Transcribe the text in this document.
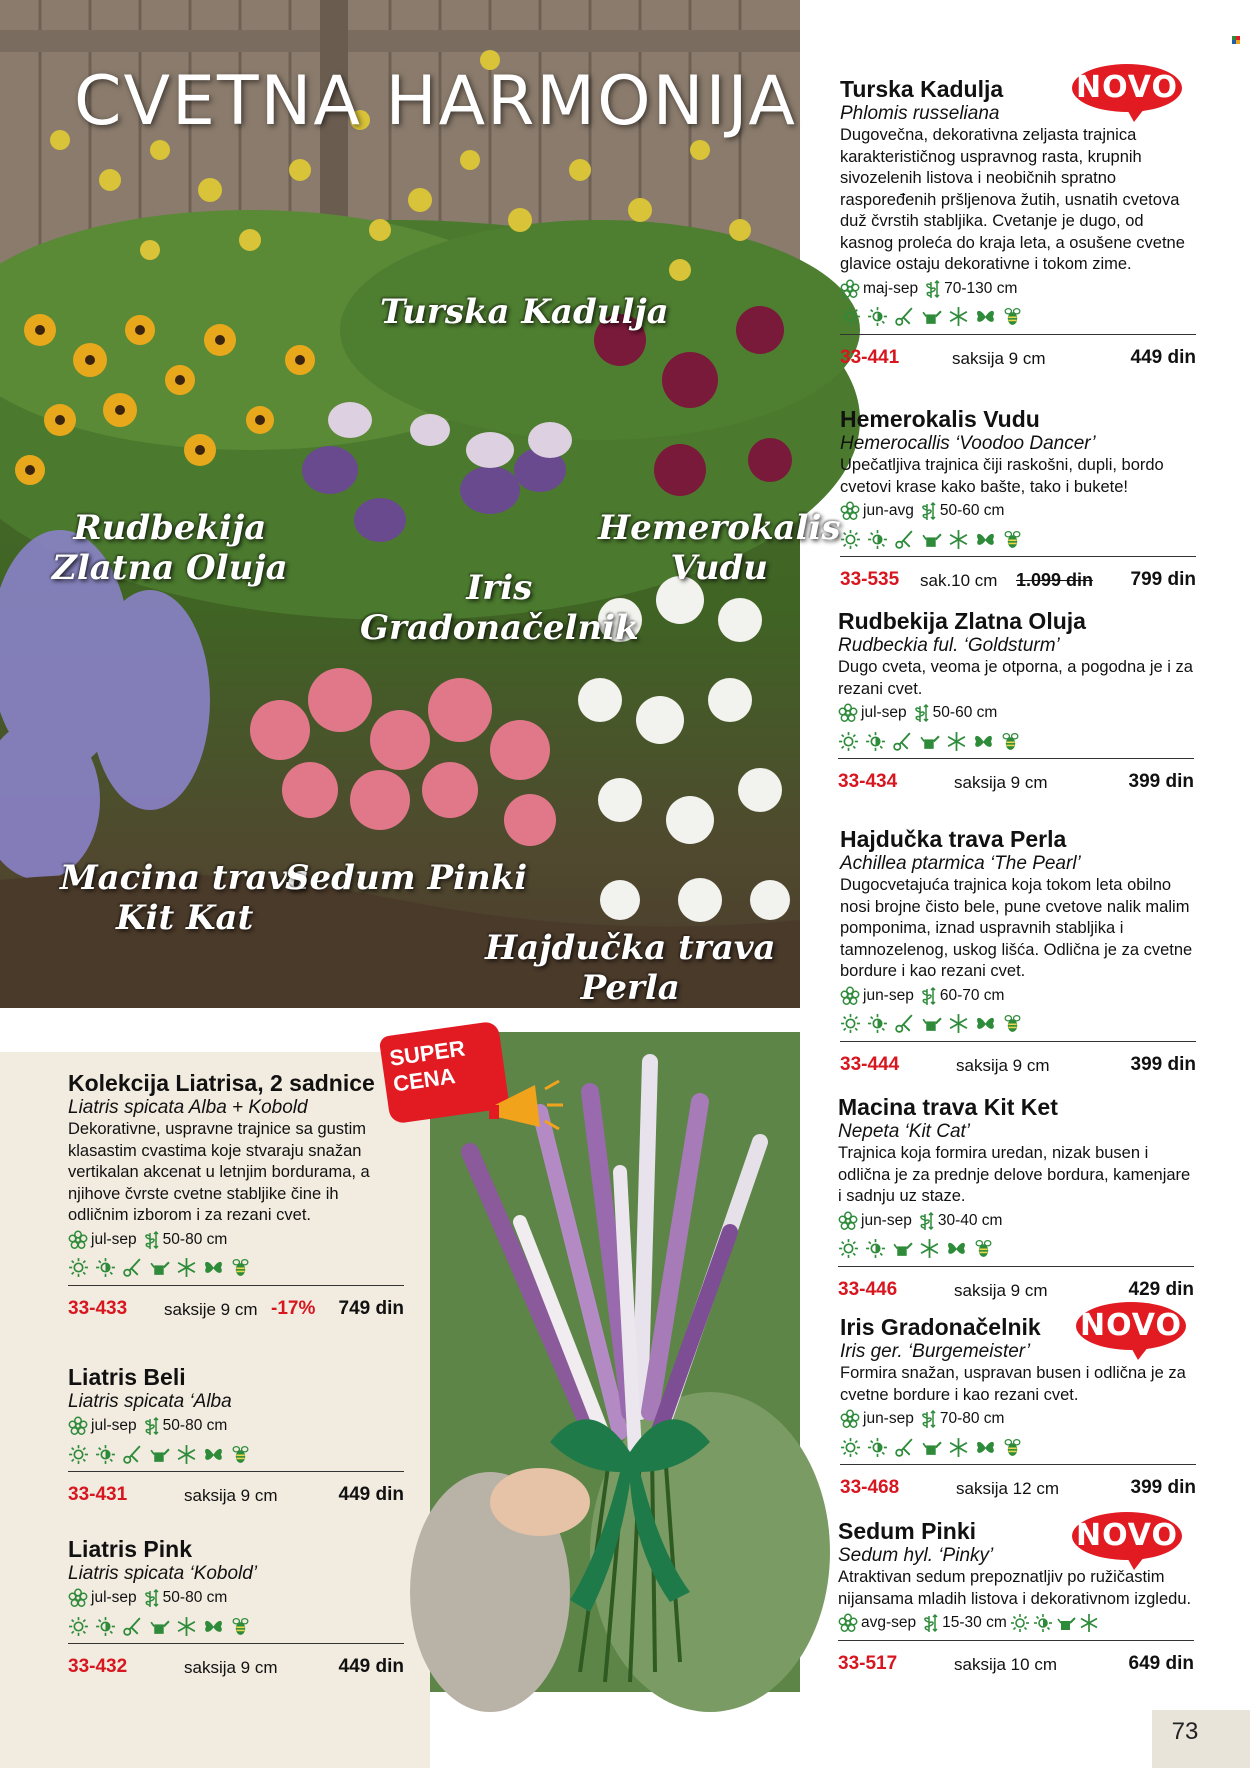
CVETNA HARMONIJA
Turska Kadulja
Rudbekija
Zlatna Oluja
Hemerokalis
Vudu
Iris
Gradonačelnik
Macina trava
Kit Kat
Sedum Pinki
Hajdučka trava
Perla
SUPER
CENA
Turska Kadulja
Phlomis russeliana
Dugovečna, dekorativna zeljasta trajnica karakterističnog uspravnog rasta, krupnih sivozelenih listova i neobičnih spratno raspoređenih pršljenova žutih, usnatih cvetova duž čvrstih stabljika. Cvetanje je dugo, od kasnog proleća do kraja leta, a osušene cvetne glavice ostaju dekorativne i tokom zime.
maj-sep 70-130 cm
33-441	saksija 9 cm	449 din
NOVO
Hemerokalis Vudu
Hemerocallis ‘Voodoo Dancer’
Upečatljiva trajnica čiji raskošni, dupli, bordo cvetovi krase kako bašte, tako i bukete!
jun-avg 50-60 cm
33-535 sak.10 cm 1.099 din 799 din
Rudbekija Zlatna Oluja
Rudbeckia ful. ‘Goldsturm’
Dugo cveta, veoma je otporna, a pogodna je i za rezani cvet.
jul-sep 50-60 cm
33-434	saksija 9 cm	399 din
Hajdučka trava Perla
Achillea ptarmica ‘The Pearl’
Dugocvetajuća trajnica koja tokom leta obilno nosi brojne čisto bele, pune cvetove nalik malim pomponima, iznad uspravnih stabljika i tamnozelenog, uskog lišća. Odlična je za cvetne bordure i kao rezani cvet.
jun-sep 60-70 cm
33-444	saksija 9 cm	399 din
Macina trava Kit Ket
Nepeta ‘Kit Cat’
Trajnica koja formira uredan, nizak busen i odlična je za prednje delove bordura, kamenjare i sadnju uz staze.
jun-sep 30-40 cm
33-446	saksija 9 cm	429 din
Iris Gradonačelnik
Iris ger. ‘Burgemeister’
Formira snažan, uspravan busen i odlična je za cvetne bordure i kao rezani cvet.
jun-sep 70-80 cm
33-468	saksija 12 cm	399 din
NOVO
Sedum Pinki
Sedum hyl. ‘Pinky’
Atraktivan sedum prepoznatljiv po ružičastim nijansama mladih listova i dekorativnom izgledu.
avg-sep 15-30 cm
33-517	saksija 10 cm	649 din
NOVO
Kolekcija Liatrisa, 2 sadnice
Liatris spicata Alba + Kobold
Dekorativne, uspravne trajnice sa gustim klasastim cvastima koje stvaraju snažan vertikalan akcenat u letnjim bordurama, a njihove čvrste cvetne stabljike čine ih odličnim izborom i za rezani cvet.
jul-sep 50-80 cm
33-433 saksije 9 cm -17% 749 din
Liatris Beli
Liatris spicata ‘Alba
jul-sep 50-80 cm
33-431	saksija 9 cm	449 din
Liatris Pink
Liatris spicata ‘Kobold’
jul-sep 50-80 cm
33-432	saksija 9 cm	449 din
73
